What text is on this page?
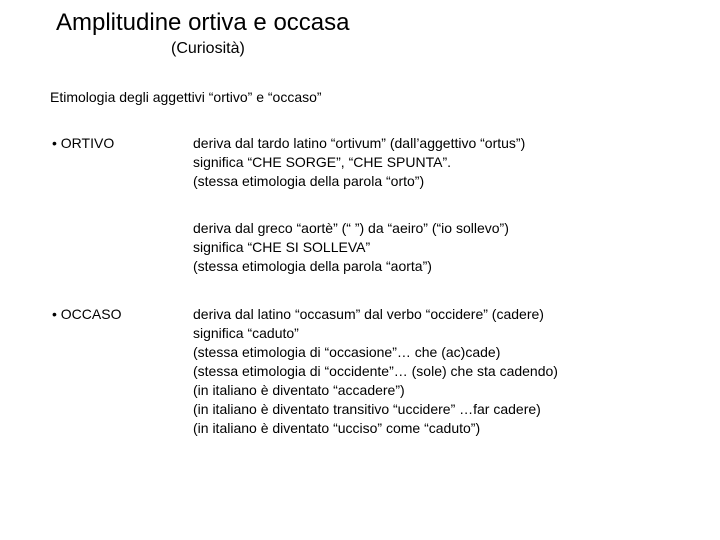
Amplitudine ortiva e occasa
(Curiosità)
Etimologia degli aggettivi “ortivo” e “occaso”
• ORTIVO
• OCCASO
deriva dal tardo latino “ortivum” (dall’aggettivo “ortus”)
significa “CHE SORGE”, “CHE SPUNTA”.
(stessa etimologia della parola “orto”)
deriva dal greco “aortè” (“ ”) da “aeiro” (“io sollevo”)
significa “CHE SI SOLLEVA”
(stessa etimologia della parola “aorta”)
deriva dal latino “occasum” dal verbo “occidere” (cadere)
significa “caduto”
(stessa etimologia di “occasione”… che (ac)cade)
(stessa etimologia di “occidente”… (sole) che sta cadendo)
(in italiano è diventato “accadere”)
(in italiano è diventato transitivo “uccidere” …far cadere)
(in italiano è diventato “ucciso” come “caduto”)
